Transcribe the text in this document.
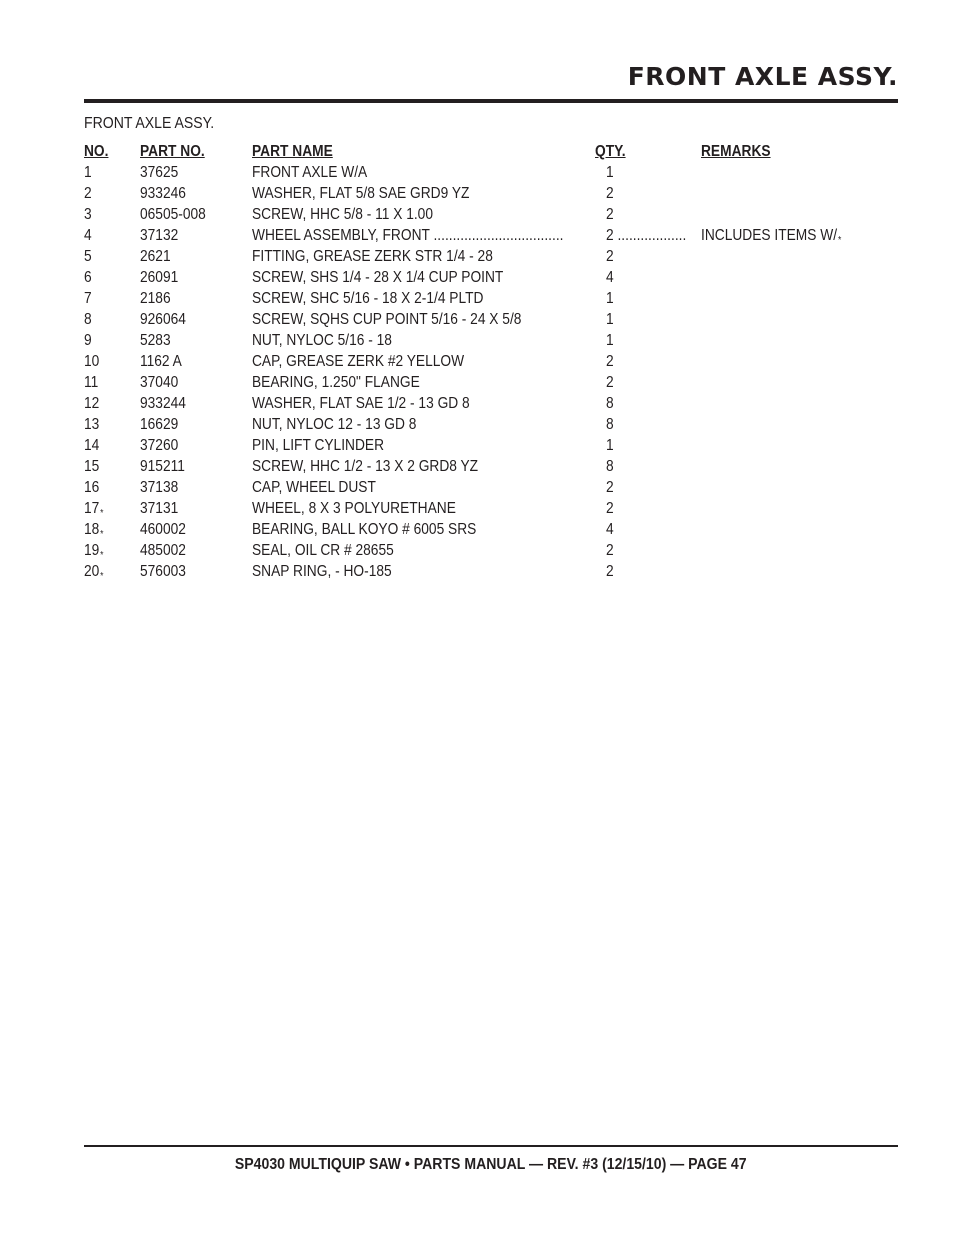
FRONT AXLE ASSY.
FRONT AXLE ASSY.
NO. PART NO.	PART NAME	QTY.	REMARKS
1	37625	FRONT AXLE W/A	1
2	933246	WASHER, FLAT 5/8 SAE GRD9 YZ	2
3	06505-008	SCREW, HHC 5/8 - 11 X 1.00	2
4	37132	WHEEL ASSEMBLY, FRONT ..................................	2 .................. INCLUDES ITEMS W/*
5	2621	FITTING, GREASE ZERK STR 1/4 - 28	2
6	26091	SCREW, SHS 1/4 - 28 X 1/4 CUP POINT	4
7	2186	SCREW, SHC 5/16 - 18 X 2-1/4 PLTD	1
8	926064	SCREW, SQHS CUP POINT 5/16 - 24 X 5/8	1
9	5283	NUT, NYLOC 5/16 - 18	1
10	1162 A	CAP, GREASE ZERK #2 YELLOW	2
11	37040	BEARING, 1.250" FLANGE	2
12	933244	WASHER, FLAT SAE 1/2 - 13 GD 8	8
13	16629	NUT, NYLOC 12 - 13 GD 8	8
14	37260	PIN, LIFT CYLINDER	1
15	915211	SCREW, HHC 1/2 - 13 X 2 GRD8 YZ	8
16	37138	CAP, WHEEL DUST	2
17* 37131	WHEEL, 8 X 3 POLYURETHANE	2
18* 460002	BEARING, BALL KOYO # 6005 SRS	4
19* 485002	SEAL, OIL CR # 28655	2
20* 576003	SNAP RING, - HO-185	2
SP4030 MULTIQUIP SAW • PARTS MANUAL — REV. #3 (12/15/10) — PAGE 47
